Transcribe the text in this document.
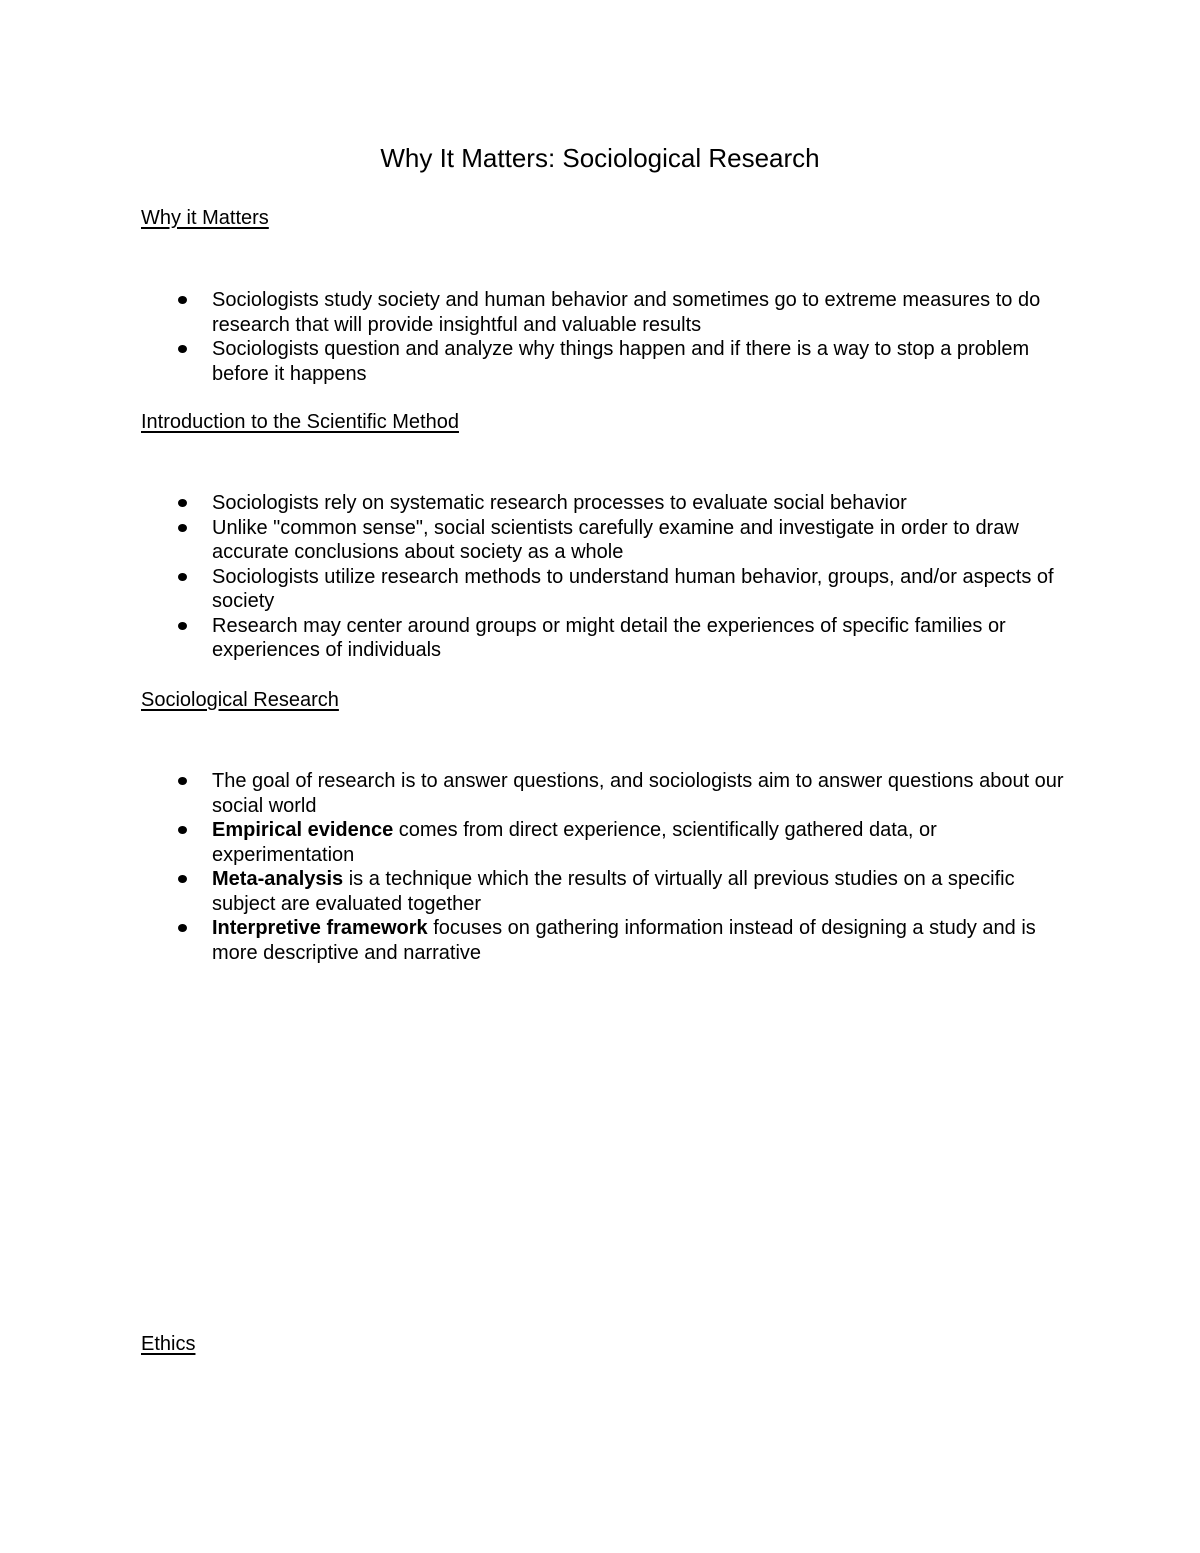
Why It Matters: Sociological Research
Why it Matters
Sociologists study society and human behavior and sometimes go to extreme measures to do research that will provide insightful and valuable results
Sociologists question and analyze why things happen and if there is a way to stop a problem before it happens
Introduction to the Scientific Method
Sociologists rely on systematic research processes to evaluate social behavior
Unlike "common sense", social scientists carefully examine and investigate in order to draw accurate conclusions about society as a whole
Sociologists utilize research methods to understand human behavior, groups, and/or aspects of society
Research may center around groups or might detail the experiences of specific families or experiences of individuals
Sociological Research
The goal of research is to answer questions, and sociologists aim to answer questions about our social world
Empirical evidence comes from direct experience, scientifically gathered data, or experimentation
Meta-analysis is a technique which the results of virtually all previous studies on a specific subject are evaluated together
Interpretive framework focuses on gathering information instead of designing a study and is more descriptive and narrative
Ethics
